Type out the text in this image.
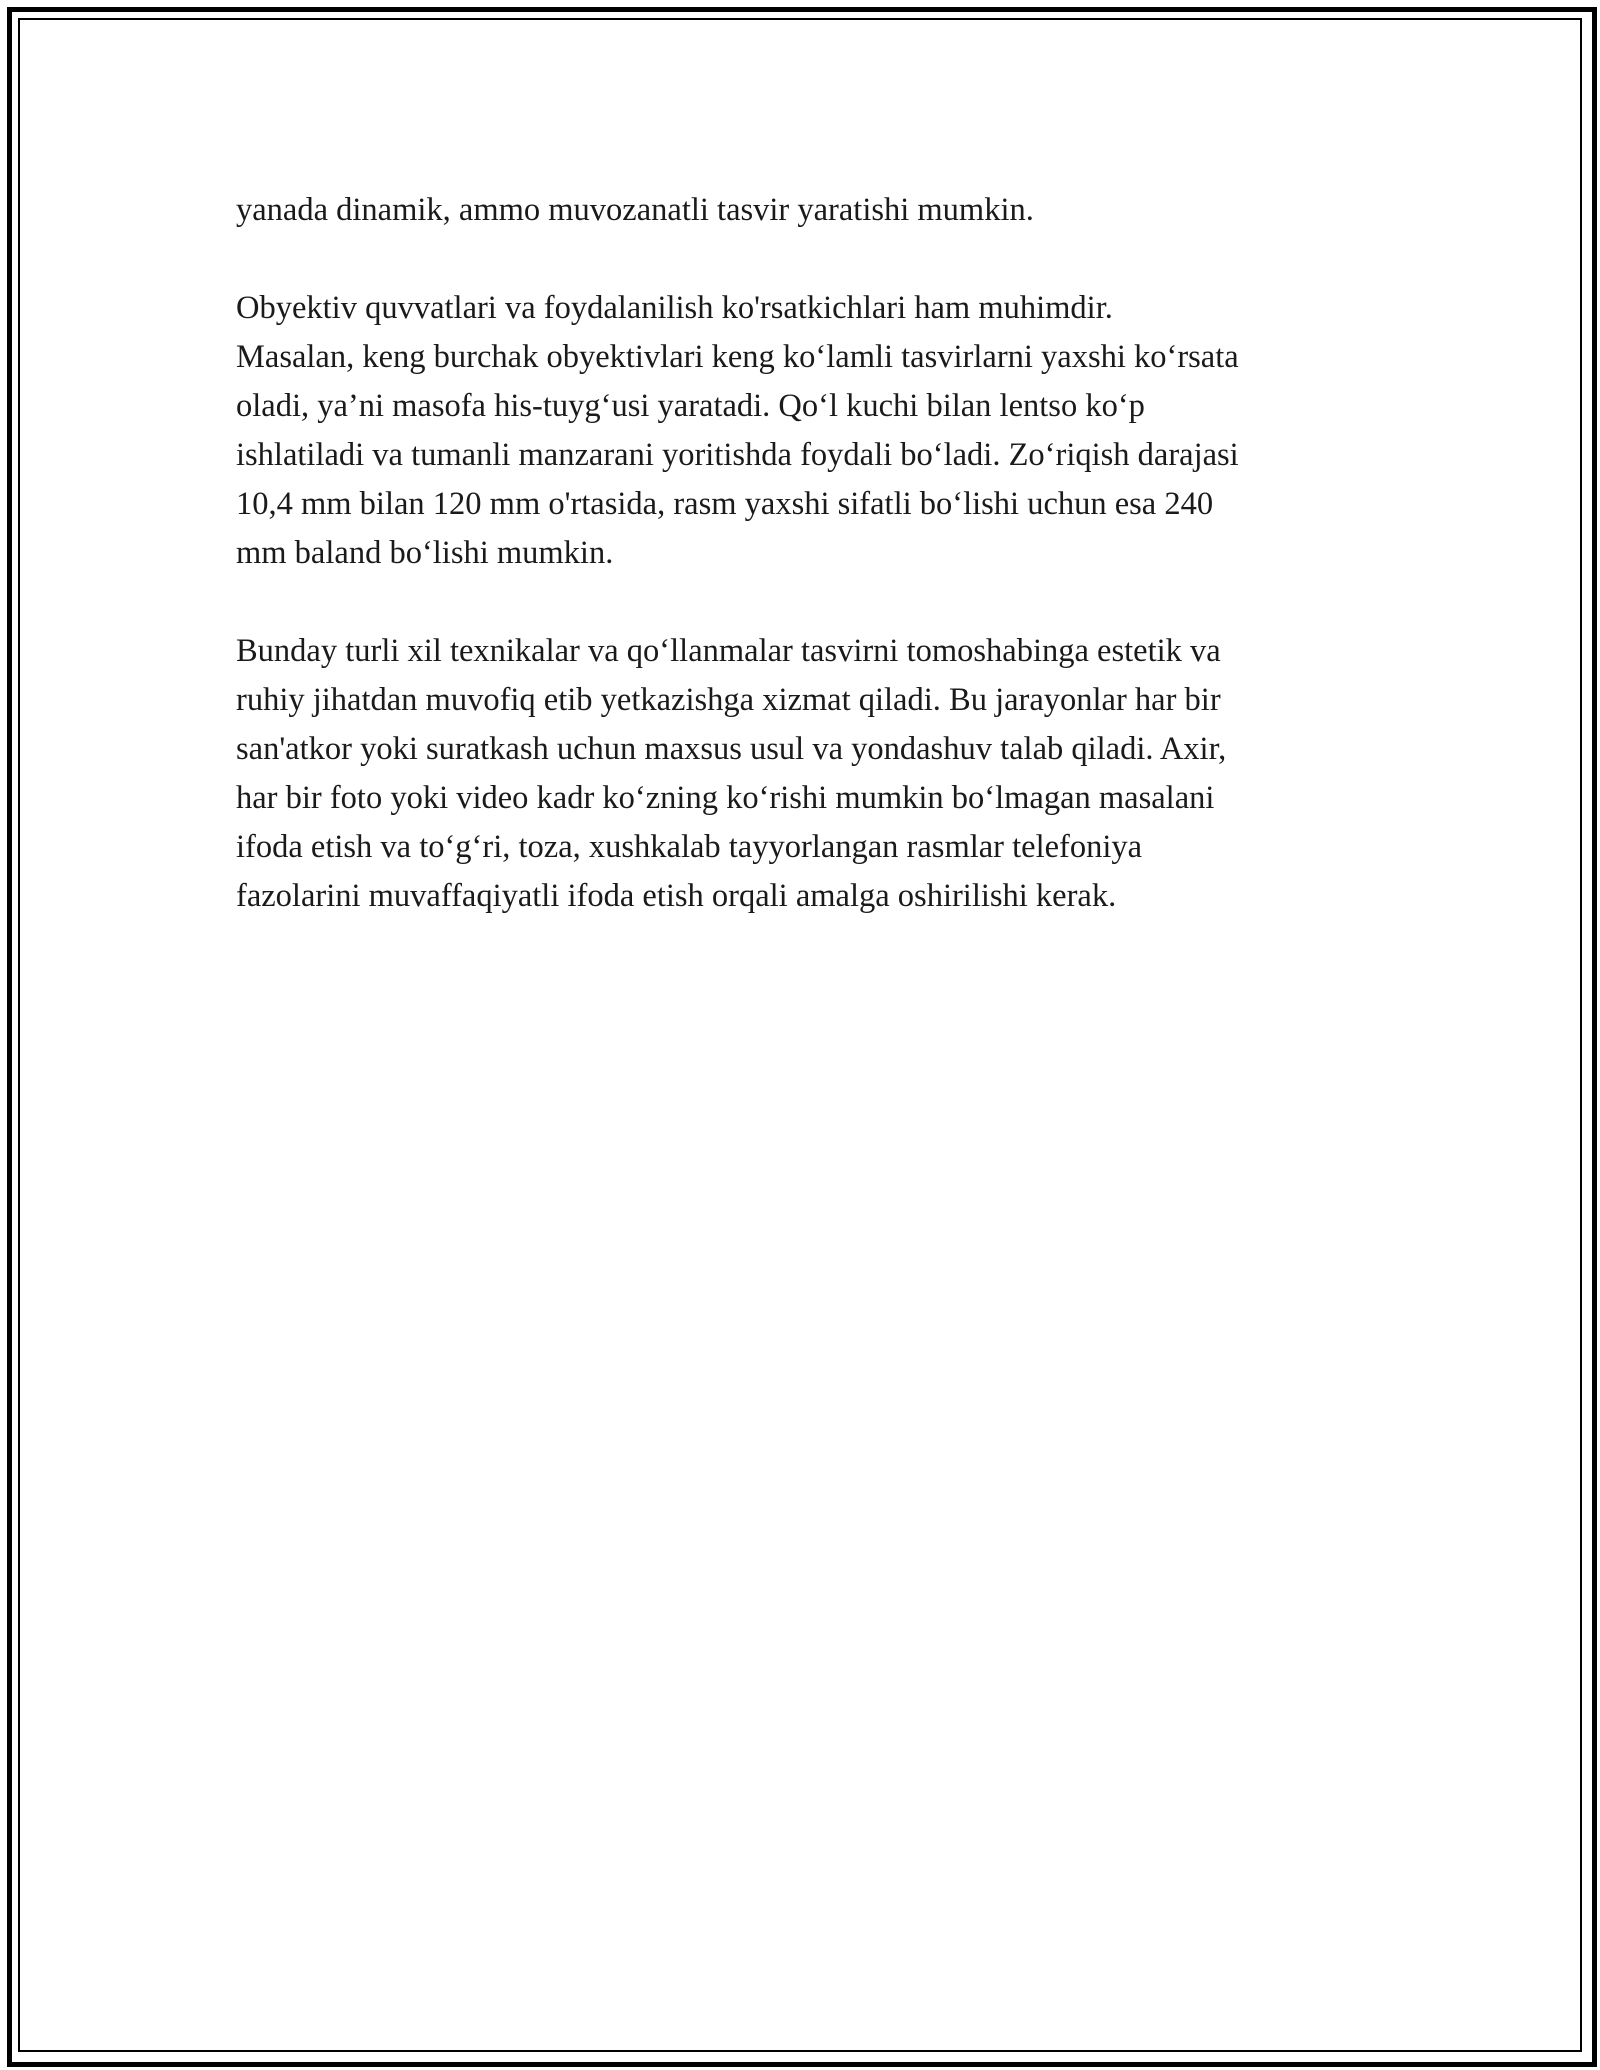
yanada dinamik, ammo muvozanatli tasvir yaratishi mumkin.

Obyektiv quvvatlari va foydalanilish ko'rsatkichlari ham muhimdir.
Masalan, keng burchak obyektivlari keng koʻlamli tasvirlarni yaxshi koʻrsata
oladi, ya’ni masofa his-tuygʻusi yaratadi. Qoʻl kuchi bilan lentso koʻp
ishlatiladi va tumanli manzarani yoritishda foydali boʻladi. Zoʻriqish darajasi
10,4 mm bilan 120 mm o'rtasida, rasm yaxshi sifatli boʻlishi uchun esa 240
mm baland boʻlishi mumkin.

Bunday turli xil texnikalar va qoʻllanmalar tasvirni tomoshabinga estetik va
ruhiy jihatdan muvofiq etib yetkazishga xizmat qiladi. Bu jarayonlar har bir
san'atkor yoki suratkash uchun maxsus usul va yondashuv talab qiladi. Axir,
har bir foto yoki video kadr koʻzning koʻrishi mumkin boʻlmagan masalani
ifoda etish va toʻgʻri, toza, xushkalab tayyorlangan rasmlar telefoniya
fazolarini muvaffaqiyatli ifoda etish orqali amalga oshirilishi kerak.
